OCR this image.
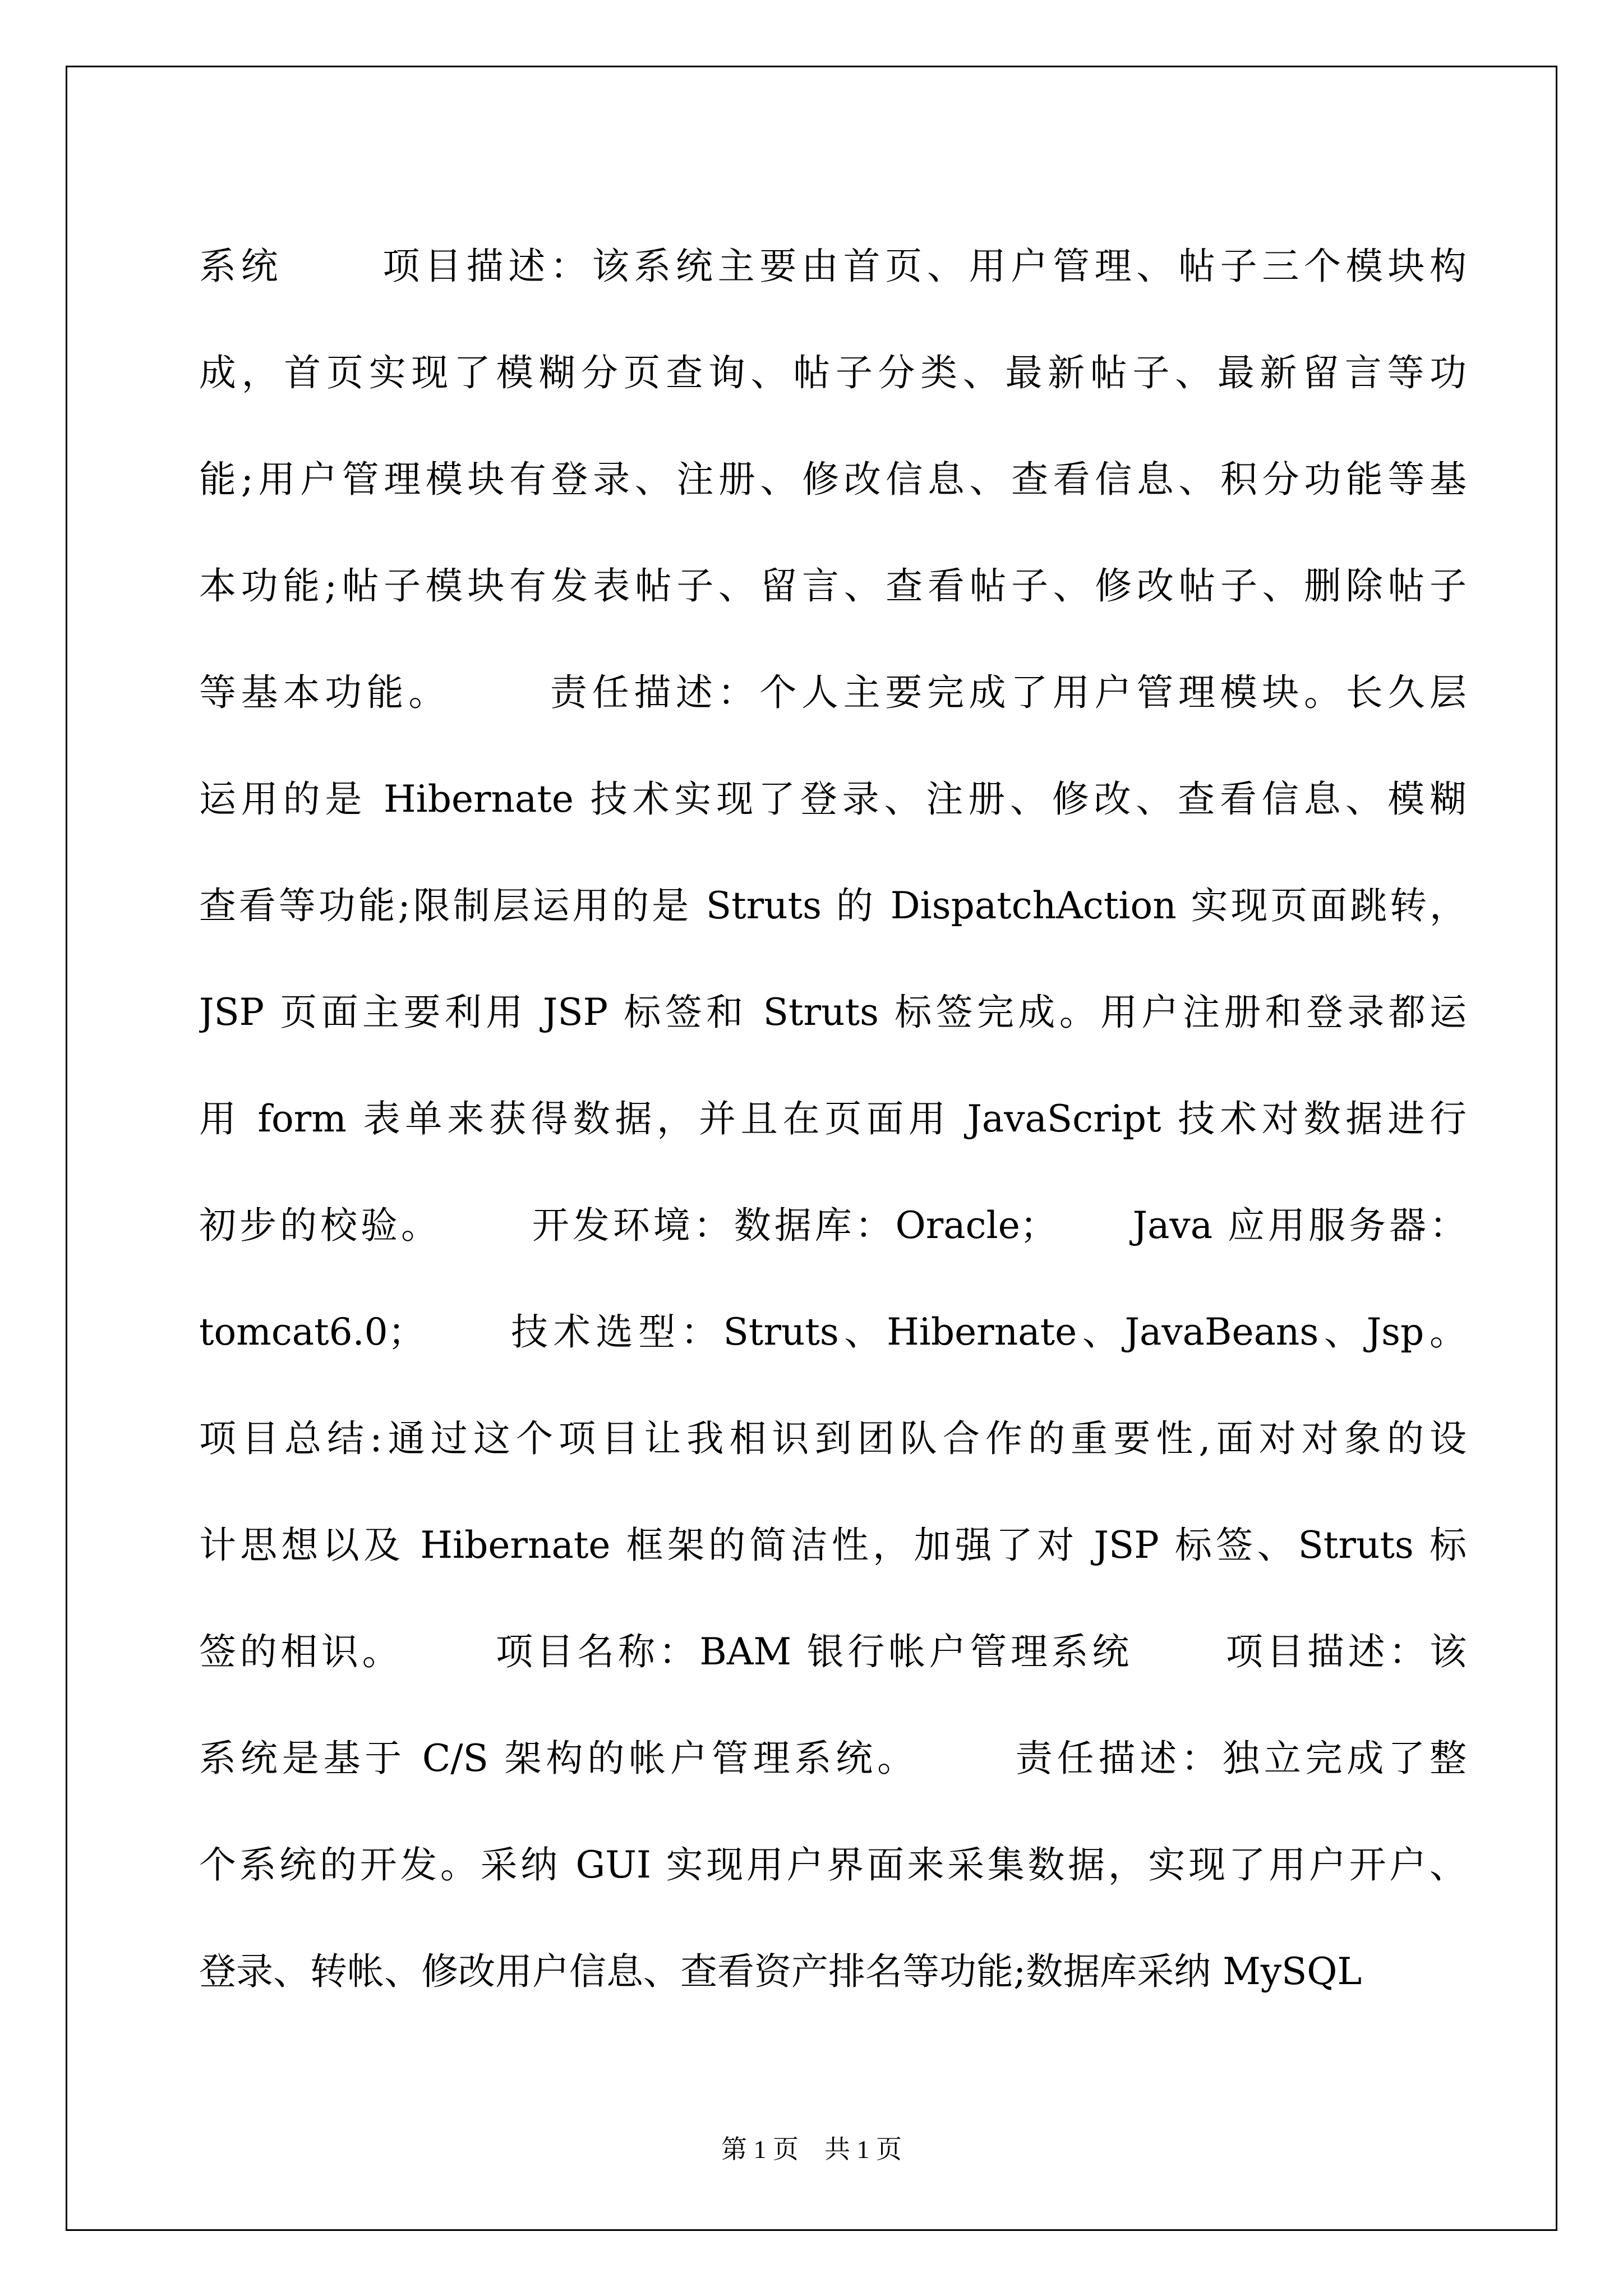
系统      项目描述：该系统主要由首页、用户管理、帖子三个模块构
成，首页实现了模糊分页查询、帖子分类、最新帖子、最新留言等功
能;用户管理模块有登录、注册、修改信息、查看信息、积分功能等基
本功能;帖子模块有发表帖子、留言、查看帖子、修改帖子、删除帖子
等基本功能。      责任描述：个人主要完成了用户管理模块。长久层
运用的是 Hibernate 技术实现了登录、注册、修改、查看信息、模糊
查看等功能;限制层运用的是 Struts 的 DispatchAction 实现页面跳转，
JSP 页面主要利用 JSP 标签和 Struts 标签完成。用户注册和登录都运
用 form 表单来获得数据，并且在页面用 JavaScript 技术对数据进行
初步的校验。      开发环境：数据库：Oracle；     Java 应用服务器：
tomcat6.0；     技术选型：Struts、Hibernate、JavaBeans、Jsp。
项目总结:通过这个项目让我相识到团队合作的重要性,面对对象的设
计思想以及 Hibernate 框架的简洁性，加强了对 JSP 标签、Struts 标
签的相识。      项目名称：BAM 银行帐户管理系统      项目描述：该
系统是基于 C/S 架构的帐户管理系统。      责任描述：独立完成了整
个系统的开发。采纳 GUI 实现用户界面来采集数据，实现了用户开户、
登录、转帐、修改用户信息、查看资产排名等功能;数据库采纳 MySQL
第 1 页    共 1 页
